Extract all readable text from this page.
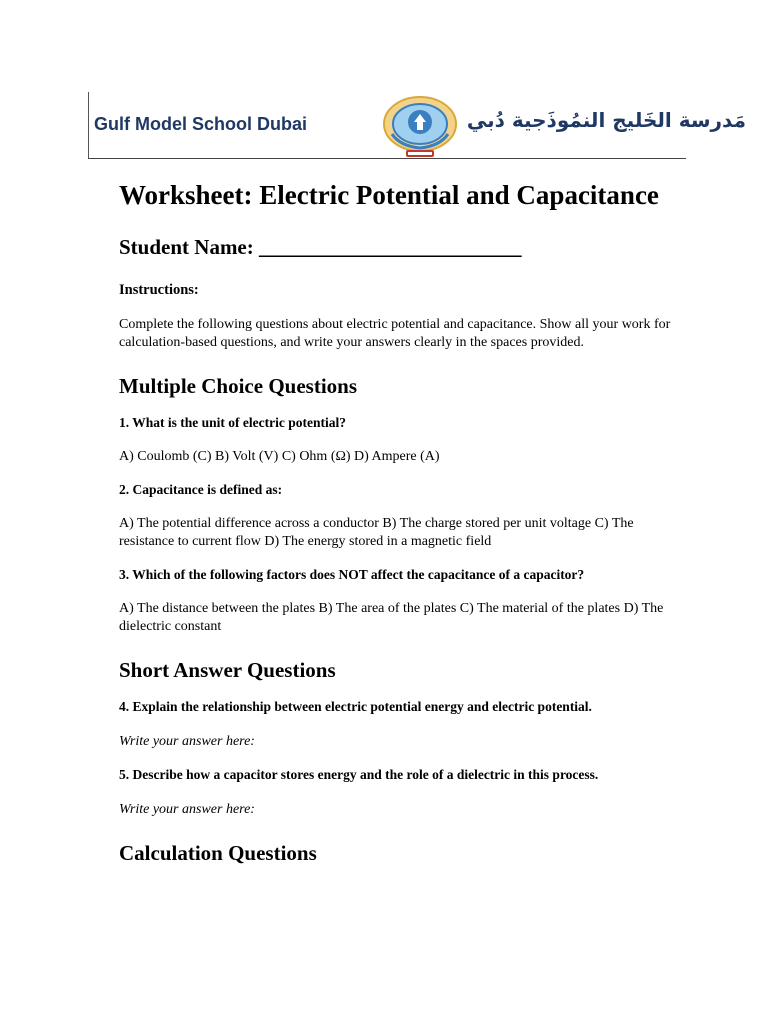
Gulf Model School Dubai	مَدرسة الخَليج النمُوذَجية دُبي
Worksheet: Electric Potential and Capacitance
Student Name: _________________________
Instructions:

Complete the following questions about electric potential and capacitance. Show all your work for calculation-based questions, and write your answers clearly in the spaces provided.

Multiple Choice Questions
1. What is the unit of electric potential?

A) Coulomb (C) B) Volt (V) C) Ohm (Ω) D) Ampere (A)

2. Capacitance is defined as:

A) The potential difference across a conductor B) The charge stored per unit voltage C) The resistance to current flow D) The energy stored in a magnetic field

3. Which of the following factors does NOT affect the capacitance of a capacitor?

A) The distance between the plates B) The area of the plates C) The material of the plates D) The dielectric constant

Short Answer Questions
4. Explain the relationship between electric potential energy and electric potential.
Write your answer here:
5. Describe how a capacitor stores energy and the role of a dielectric in this process.
Write your answer here:
Calculation Questions
